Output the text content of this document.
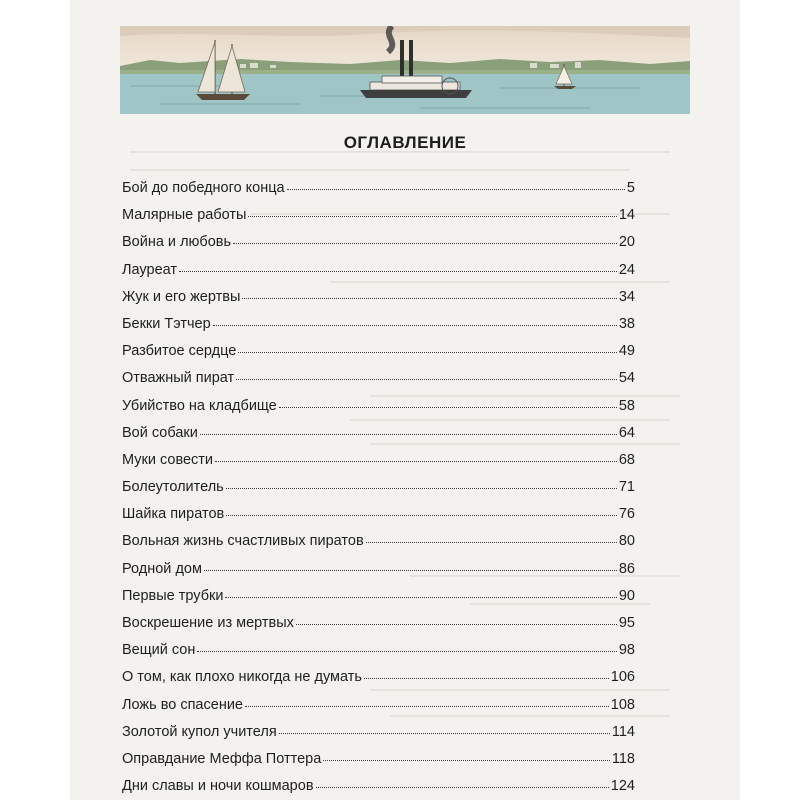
ОГЛАВЛЕНИЕ
Бой до победного конца	5
Малярные работы	14
Война и любовь	20
Лауреат	24
Жук и его жертвы	34
Бекки Тэтчер	38
Разбитое сердце	49
Отважный пират	54
Убийство на кладбище	58
Вой собаки	64
Муки совести	68
Болеутолитель	71
Шайка пиратов	76
Вольная жизнь счастливых пиратов	80
Родной дом	86
Первые трубки	90
Воскрешение из мертвых	95
Вещий сон	98
О том, как плохо никогда не думать	106
Ложь во спасение	108
Золотой купол учителя	114
Оправдание Меффа Поттера	118
Дни славы и ночи кошмаров	124
